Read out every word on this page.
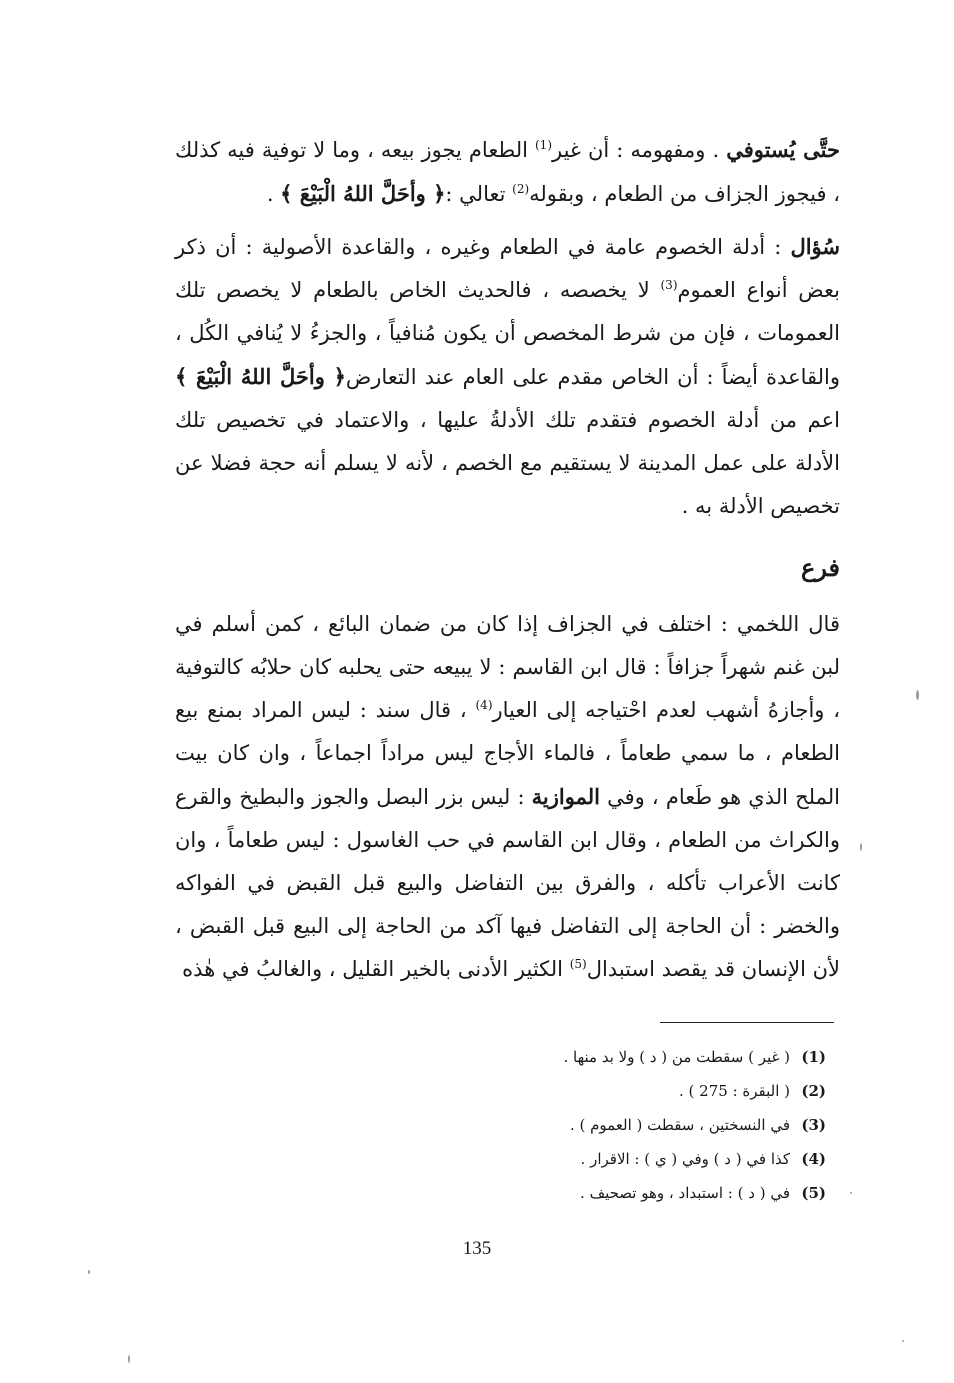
حتَّى يُستوفي . ومفهومه : أن غير$^{(1)}$ الطعام يجوز بيعه ، وما لا توفية فيه كذلك ، فيجوز الجزاف من الطعام ، وبقوله$^{(2)}$ تعالي :﴿ وأحَلَّ اللهُ الْبَيْعَ ﴾ .

سُؤال : أدلة الخصوم عامة في الطعام وغيره ، والقاعدة الأصولية : أن ذكر بعض أنواع العموم$^{(3)}$ لا يخصصه ، فالحديث الخاص بالطعام لا يخصص تلك العمومات ، فإن من شرط المخصص أن يكون مُنافياً ، والجزءُ لا يُنافي الكُل ، والقاعدة أيضاً : أن الخاص مقدم على العام عند التعارض﴿ وأحَلَّ اللهُ الْبَيْعَ ﴾ اعم من أدلة الخصوم فتقدم تلك الأدلةُ عليها ، والاعتماد في تخصيص تلك الأدلة على عمل المدينة لا يستقيم مع الخصم ، لأنه لا يسلم أنه حجة فضلا عن تخصيص الأدلة به .

فرع

قال اللخمي : اختلف في الجزاف إذا كان من ضمان البائع ، كمن أسلم في لبن غنم شهراً جزافاً : قال ابن القاسم : لا يبيعه حتى يحلبه كان حلابُه كالتوفية ، وأجازهُ أشهب لعدم احْتياجه إلى العيار$^{(4)}$ ، قال سند : ليس المراد بمنع بيع الطعام ، ما سمي طعاماً ، فالماء الأجاج ليس مراداً اجماعاً ، وان كان بيت الملح الذي هو طَعام ، وفي الموازية : ليس بزر البصل والجوز والبطيخ والقرع والكراث من الطعام ، وقال ابن القاسم في حب الغاسول : ليس طعاماً ، وان كانت الأعراب تأكله ، والفرق بين التفاضل والبيع قبل القبض في الفواكه والخضر : أن الحاجة إلى التفاضل فيها آكد من الحاجة إلى البيع قبل القبض ، لأن الإنسان قد يقصد استبدال$^{(5)}$ الكثير الأدنى بالخير القليل ، والغالبُ في هٰذه

(1)
( غير ) سقطت من ( د ) ولا بد منها .
(2)
( البقرة : 275 ) .
(3)
في النسختين ، سقطت ( العموم ) .
(4)
كذا في ( د ) وفي ( ي ) : الاقرار .
(5)
في ( د ) : استبداد ، وهو تصحيف .
135
